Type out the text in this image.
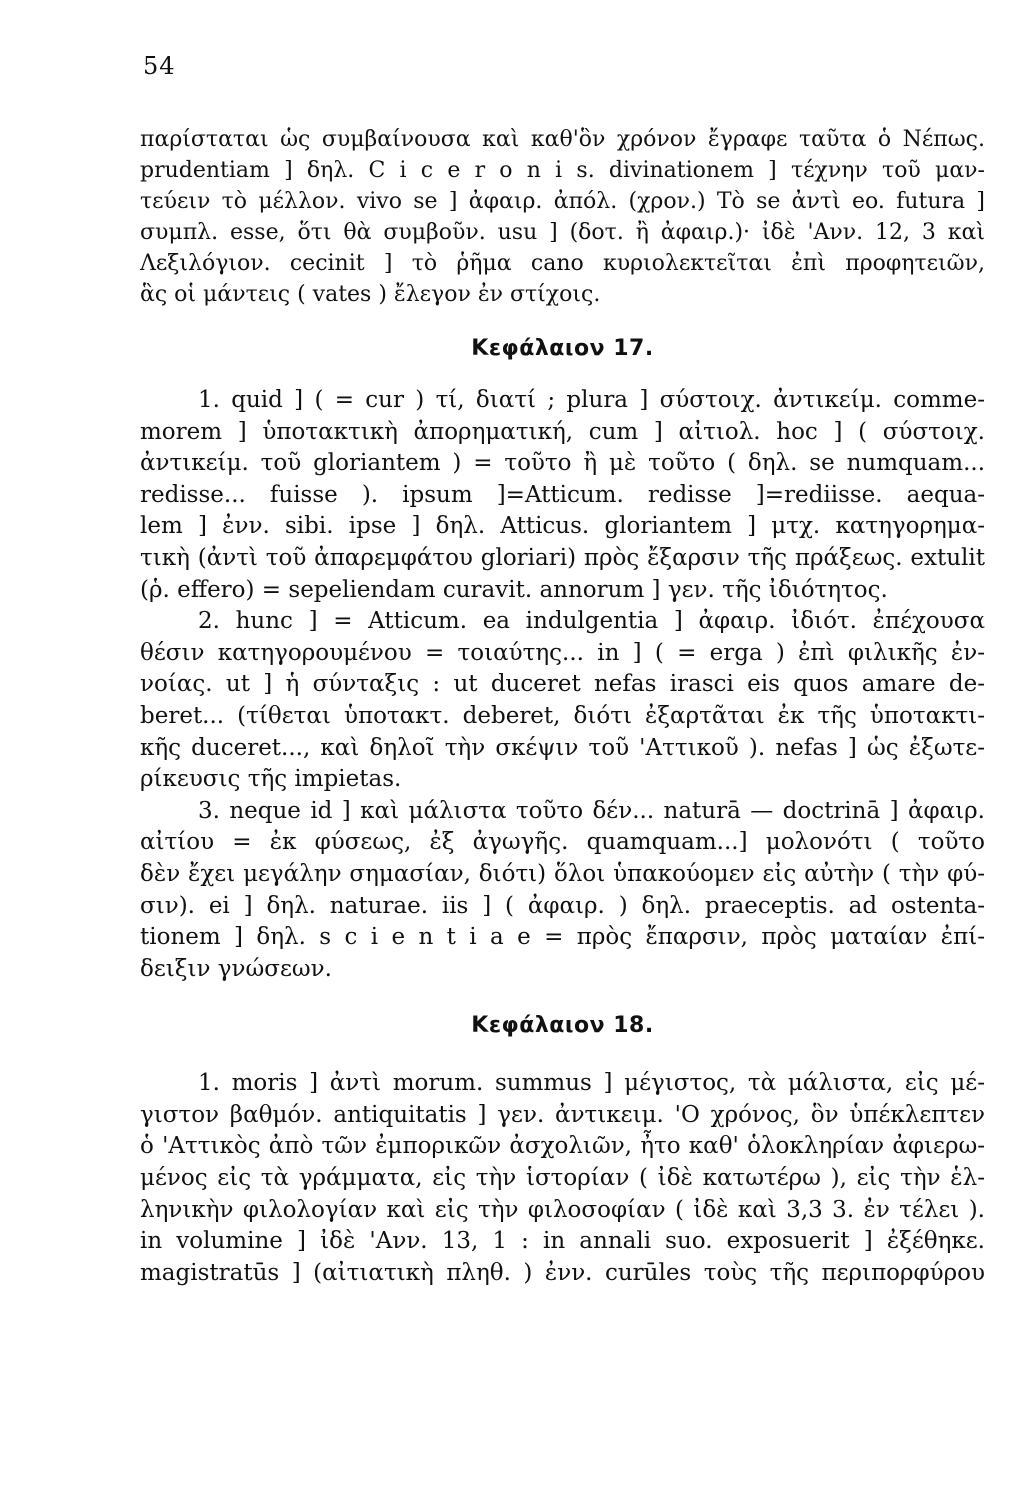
54
παρίσταται ὡς συμβαίνουσα καὶ καθ'ὃν χρόνον ἔγραφε ταῦτα ὁ Νέπως.
prudentiam ] δηλ. C i c e r o n i s. divinationem ] τέχνην τοῦ μαν-
τεύειν τὸ μέλλον. vivo se ] ἀφαιρ. ἀπόλ. (χρον.) Τὸ se ἀντὶ eo. futura ]
συμπλ. esse, ὅτι θὰ συμβοῦν. usu ] (δοτ. ἢ ἀφαιρ.)· ἰδὲ 'Ανν. 12, 3 καὶ
Λεξιλόγιον. cecinit ] τὸ ῥῆμα cano κυριολεκτεῖται ἐπὶ προφητειῶν,
ἃς οἱ μάντεις ( vates ) ἔλεγον ἐν στίχοις.
Κεφάλαιον 17.
1. quid ] ( = cur ) τί, διατί ; plura ] σύστοιχ. ἀντικείμ. comme-
morem ] ὑποτακτικὴ ἀπορηματική, cum ] αἰτιολ. hoc ] ( σύστοιχ.
ἀντικείμ. τοῦ gloriantem ) = τοῦτο ἢ μὲ τοῦτο ( δηλ. se numquam...
redisse... fuisse ). ipsum ]=Atticum. redisse ]=rediisse. aequa-
lem ] ἐνν. sibi. ipse ] δηλ. Atticus. gloriantem ] μτχ. κατηγορημα-
τικὴ (ἀντὶ τοῦ ἀπαρεμφάτου gloriari) πρὸς ἔξαρσιν τῆς πράξεως. extulit
(ῥ. effero) = sepeliendam curavit. annorum ] γεν. τῆς ἰδιότητος.
2. hunc ] = Atticum. ea indulgentia ] ἀφαιρ. ἰδιότ. ἐπέχουσα
θέσιν κατηγορουμένου = τοιαύτης... in ] ( = erga ) ἐπὶ φιλικῆς ἐν-
νοίας. ut ] ἡ σύνταξις : ut duceret nefas irasci eis quos amare de-
beret... (τίθεται ὑποτακτ. deberet, διότι ἐξαρτᾶται ἐκ τῆς ὑποτακτι-
κῆς duceret..., καὶ δηλοῖ τὴν σκέψιν τοῦ 'Αττικοῦ ). nefas ] ὡς ἐξωτε-
ρίκευσις τῆς impietas.
3. neque id ] καὶ μάλιστα τοῦτο δέν... naturā — doctrinā ] ἀφαιρ.
αἰτίου = ἐκ φύσεως, ἐξ ἀγωγῆς. quamquam...] μολονότι ( τοῦτο
δὲν ἔχει μεγάλην σημασίαν, διότι) ὅλοι ὑπακούομεν εἰς αὐτὴν ( τὴν φύ-
σιν). ei ] δηλ. naturae. iis ] ( ἀφαιρ. ) δηλ. praeceptis. ad ostenta-
tionem ] δηλ. s c i e n t i a e = πρὸς ἔπαρσιν, πρὸς ματαίαν ἐπί-
δειξιν γνώσεων.
Κεφάλαιον 18.
1. moris ] ἀντὶ morum. summus ] μέγιστος, τὰ μάλιστα, εἰς μέ-
γιστον βαθμόν. antiquitatis ] γεν. ἀντικειμ. 'Ο χρόνος, ὃν ὑπέκλεπτεν
ὁ 'Αττικὸς ἀπὸ τῶν ἐμπορικῶν ἀσχολιῶν, ἦτο καθ' ὁλοκληρίαν ἀφιερω-
μένος εἰς τὰ γράμματα, εἰς τὴν ἱστορίαν ( ἰδὲ κατωτέρω ), εἰς τὴν ἑλ-
ληνικὴν φιλολογίαν καὶ εἰς τὴν φιλοσοφίαν ( ἰδὲ καὶ 3,3 3. ἐν τέλει ).
in volumine ] ἰδὲ 'Ανν. 13, 1 : in annali suo. exposuerit ] ἐξέθηκε.
magistratūs ] (αἰτιατικὴ πληθ. ) ἐνν. curūles τοὺς τῆς περιπορφύρου
